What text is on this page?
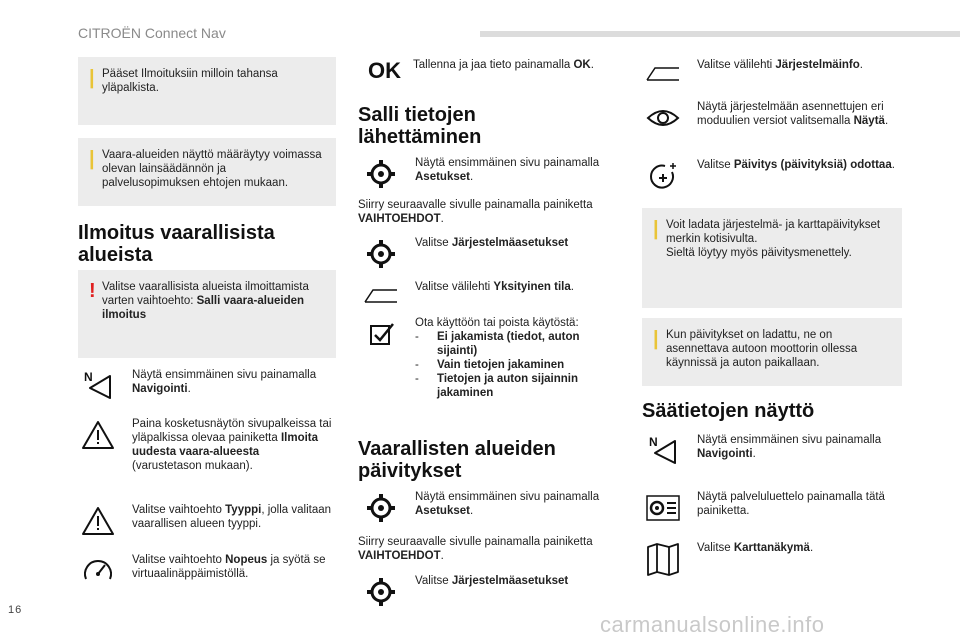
CITROËN Connect Nav
16
carmanualsonline.info
| Pääset Ilmoituksiin milloin tahansa yläpalkista.
| Vaara-alueiden näyttö määräytyy voimassa olevan lainsäädännön ja palvelusopimuksen ehtojen mukaan.
Ilmoitus vaarallisista alueista
! Valitse vaarallisista alueista ilmoittamista varten vaihtoehto: Salli vaara-alueiden ilmoitus
N	Näytä ensimmäinen sivu painamalla Navigointi.
Paina kosketusnäytön sivupalkeissa tai yläpalkissa olevaa painiketta Ilmoita uudesta vaara-alueesta (varustetason mukaan).
Valitse vaihtoehto Tyyppi, jolla valitaan vaarallisen alueen tyyppi.
Valitse vaihtoehto Nopeus ja syötä se virtuaalinäppäimistöllä.
OK Tallenna ja jaa tieto painamalla OK.
Salli tietojen lähettäminen
Näytä ensimmäinen sivu painamalla Asetukset.
Siirry seuraavalle sivulle painamalla painiketta VAIHTOEHDOT.
Valitse Järjestelmäasetukset
Valitse välilehti Yksityinen tila.
Ota käyttöön tai poista käytöstä:
- Ei jakamista (tiedot, auton sijainti)
- Vain tietojen jakaminen
- Tietojen ja auton sijainnin jakaminen
Vaarallisten alueiden päivitykset
Näytä ensimmäinen sivu painamalla Asetukset.
Siirry seuraavalle sivulle painamalla painiketta VAIHTOEHDOT.
Valitse Järjestelmäasetukset
Valitse välilehti Järjestelmäinfo.
Näytä järjestelmään asennettujen eri moduulien versiot valitsemalla Näytä.
Valitse Päivitys (päivityksiä) odottaa.
| Voit ladata järjestelmä- ja karttapäivitykset merkin kotisivulta.
Sieltä löytyy myös päivitysmenettely.
| Kun päivitykset on ladattu, ne on asennettava autoon moottorin ollessa käynnissä ja auton paikallaan.
Säätietojen näyttö
N	Näytä ensimmäinen sivu painamalla Navigointi.
Näytä palveluluettelo painamalla tätä painiketta.
Valitse Karttanäkymä.
